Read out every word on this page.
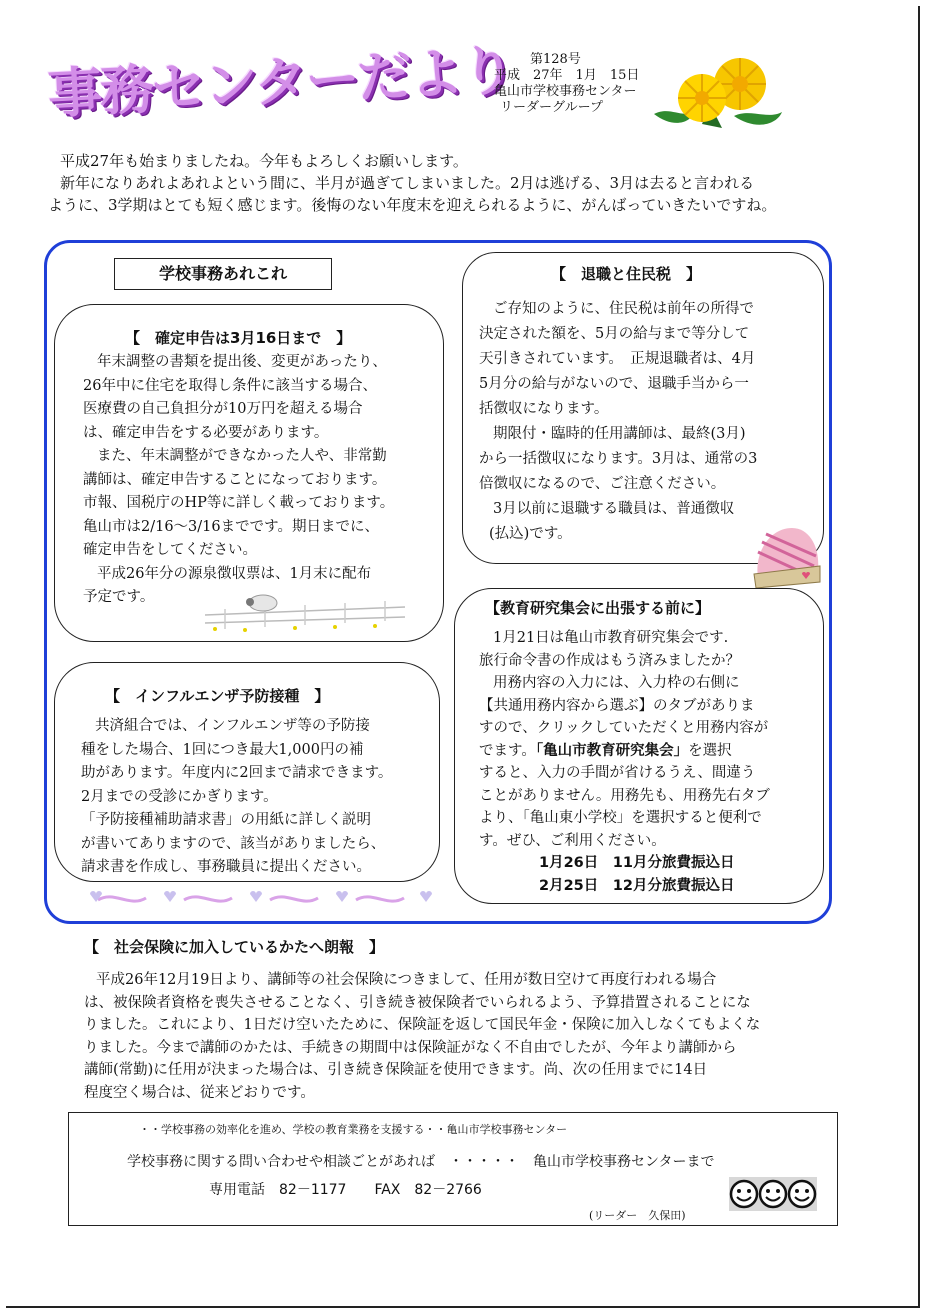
事務センターだより	第128号
平成　27年　1月　15日
亀山市学校事務センター
リーダーグループ

平成27年も始まりましたね。今年もよろしくお願いします。

新年になりあれよあれよという間に、半月が過ぎてしまいました。2月は逃げる、3月は去ると言われる

ように、3学期はとても短く感じます。後悔のない年度末を迎えられるように、がんばっていきたいですね。

学校事務あれこれ
【　確定申告は3月16日まで　】

年末調整の書類を提出後、変更があったり、

26年中に住宅を取得し条件に該当する場合、

医療費の自己負担分が10万円を超える場合

は、確定申告をする必要があります。

また、年末調整ができなかった人や、非常勤

講師は、確定申告することになっております。

市報、国税庁のHP等に詳しく載っております。

亀山市は2/16～3/16までです。期日までに、

確定申告をしてください。

平成26年分の源泉徴収票は、1月末に配布

予定です。

【　インフルエンザ予防接種　】

共済組合では、インフルエンザ等の予防接

種をした場合、1回につき最大1,000円の補

助があります。年度内に2回まで請求できます。

2月までの受診にかぎります。

「予防接種補助請求書」の用紙に詳しく説明

が書いてありますので、該当がありましたら、

請求書を作成し、事務職員に提出ください。

【　退職と住民税　】

ご存知のように、住民税は前年の所得で

決定された額を、5月の給与まで等分して

天引きされています。　正規退職者は、4月

5月分の給与がないので、退職手当から一

括徴収になります。

期限付・臨時的任用講師は、最終(3月)

から一括徴収になります。3月は、通常の3

倍徴収になるので、ご注意ください。

3月以前に退職する職員は、普通徴収

(払込)です。

【教育研究集会に出張する前に】

1月21日は亀山市教育研究集会です.

旅行命令書の作成はもう済みましたか？

用務内容の入力には、入力枠の右側に

【共通用務内容から選ぶ】のタブがありま

すので、クリックしていただくと用務内容が

でます。「亀山市教育研究集会」を選択

すると、入力の手間が省けるうえ、間違う

ことがありません。用務先も、用務先右タブ

より、「亀山東小学校」を選択すると便利で

す。ぜひ、ご利用ください。

1月26日　11月分旅費振込日

2月25日　12月分旅費振込日

【　社会保険に加入しているかたへ朗報　】

平成26年12月19日より、講師等の社会保険につきまして、任用が数日空けて再度行われる場合

は、被保険者資格を喪失させることなく、引き続き被保険者でいられるよう、予算措置されることにな

りました。これにより、1日だけ空いたために、保険証を返して国民年金・保険に加入しなくてもよくな

りました。今まで講師のかたは、手続きの期間中は保険証がなく不自由でしたが、今年より講師から

講師(常勤)に任用が決まった場合は、引き続き保険証を使用できます。尚、次の任用までに14日

程度空く場合は、従来どおりです。

・・学校事務の効率化を進め、学校の教育業務を支援する・・亀山市学校事務センター
学校事務に関する問い合わせや相談ごとがあれば　・・・・・　亀山市学校事務センターまで
専用電話　82－1177　　FAX　82－2766
(リーダー　久保田)
